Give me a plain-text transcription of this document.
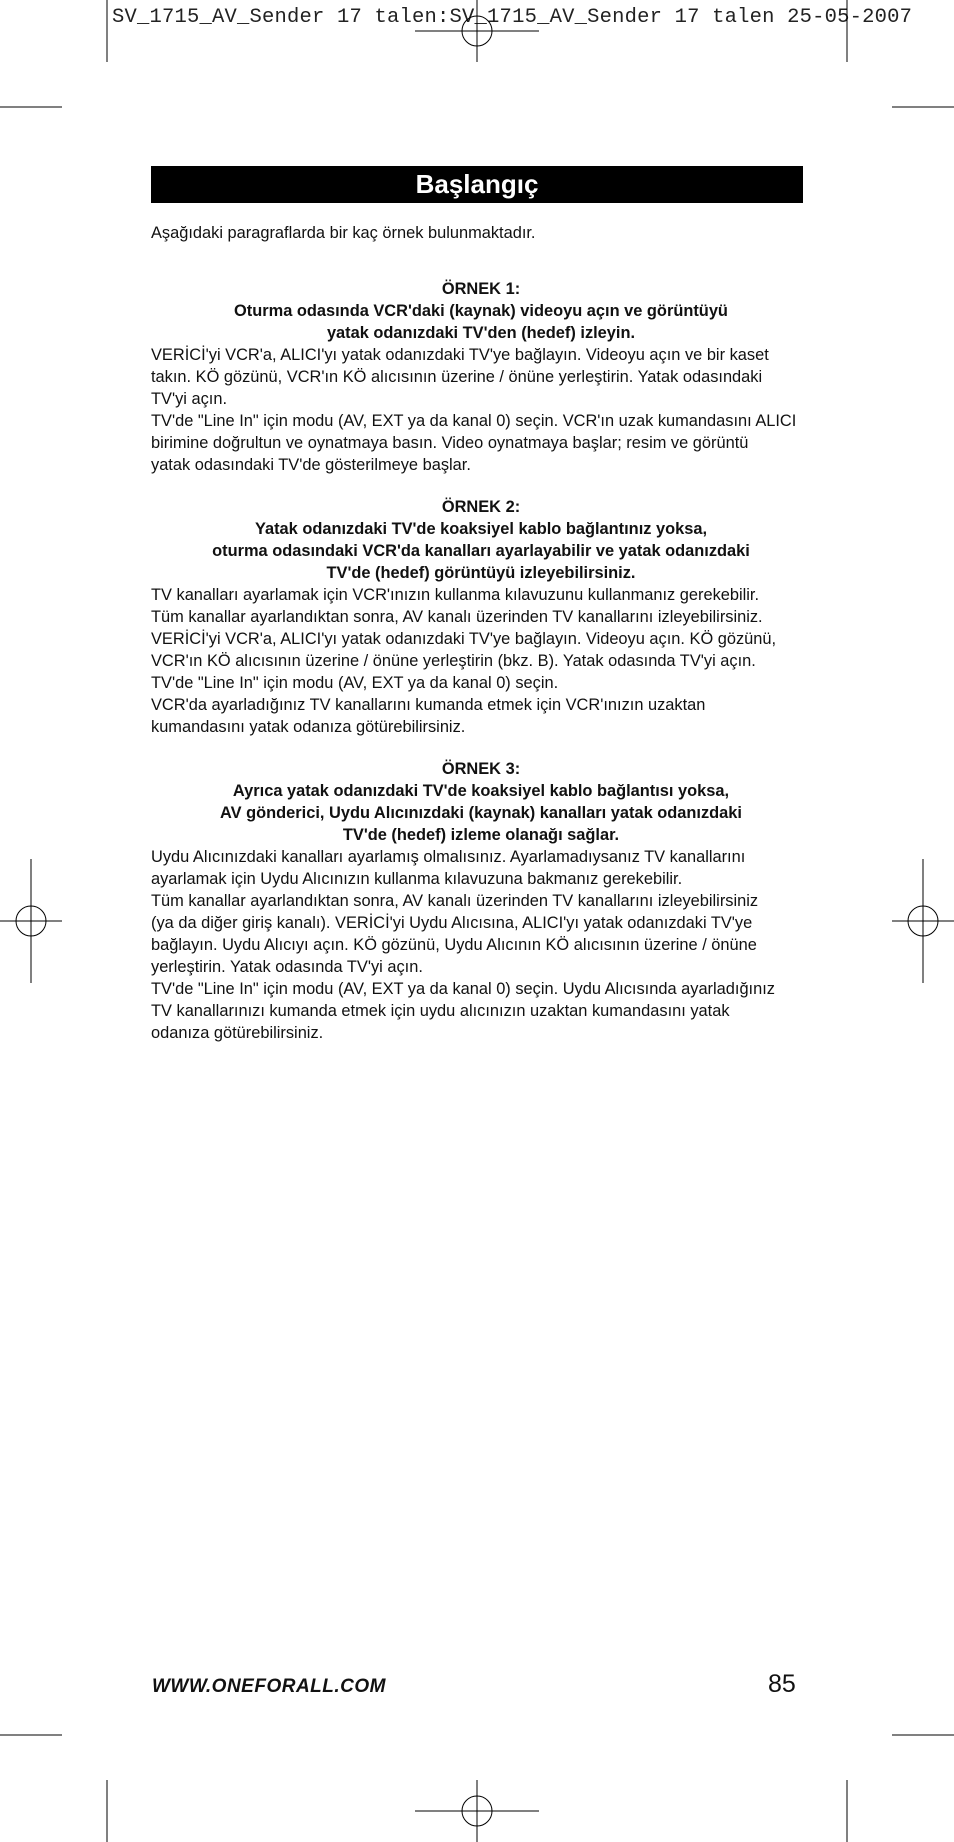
SV_1715_AV_Sender 17 talen:SV_1715_AV_Sender 17 talen 25-05-2007
Başlangıç

Aşağıdaki paragraflarda bir kaç örnek bulunmaktadır.

ÖRNEK 1:

Oturma odasında VCR'daki (kaynak) videoyu açın ve görüntüyü

yatak odanızdaki TV'den (hedef) izleyin.

VERİCİ'yi VCR'a, ALICI'yı yatak odanızdaki TV'ye bağlayın. Videoyu açın ve bir kaset

takın. KÖ gözünü, VCR'ın KÖ alıcısının üzerine / önüne yerleştirin. Yatak odasındaki

TV'yi açın.

TV'de "Line In" için modu (AV, EXT ya da kanal 0) seçin. VCR'ın uzak kumandasını ALICI

birimine doğrultun ve oynatmaya basın. Video oynatmaya başlar; resim ve görüntü

yatak odasındaki TV'de gösterilmeye başlar.

ÖRNEK 2:

Yatak odanızdaki TV'de koaksiyel kablo bağlantınız yoksa,

oturma odasındaki VCR'da kanalları ayarlayabilir ve yatak odanızdaki

TV'de (hedef) görüntüyü izleyebilirsiniz.

TV kanalları ayarlamak için VCR'ınızın kullanma kılavuzunu kullanmanız gerekebilir.

Tüm kanallar ayarlandıktan sonra, AV kanalı üzerinden TV kanallarını izleyebilirsiniz.

VERİCİ'yi VCR'a, ALICI'yı yatak odanızdaki TV'ye bağlayın. Videoyu açın. KÖ gözünü,

VCR'ın KÖ alıcısının üzerine / önüne yerleştirin (bkz. B). Yatak odasında TV'yi açın.

TV'de "Line In" için modu (AV, EXT ya da kanal 0) seçin.

VCR'da ayarladığınız TV kanallarını kumanda etmek için VCR'ınızın uzaktan

kumandasını yatak odanıza götürebilirsiniz.

ÖRNEK 3:

Ayrıca yatak odanızdaki TV'de koaksiyel kablo bağlantısı yoksa,

AV gönderici, Uydu Alıcınızdaki (kaynak) kanalları yatak odanızdaki

TV'de (hedef) izleme olanağı sağlar.

Uydu Alıcınızdaki kanalları ayarlamış olmalısınız. Ayarlamadıysanız TV kanallarını

ayarlamak için Uydu Alıcınızın kullanma kılavuzuna bakmanız gerekebilir.

Tüm kanallar ayarlandıktan sonra, AV kanalı üzerinden TV kanallarını izleyebilirsiniz

(ya da diğer giriş kanalı). VERİCİ'yi Uydu Alıcısına, ALICI'yı yatak odanızdaki TV'ye

bağlayın. Uydu Alıcıyı açın. KÖ gözünü, Uydu Alıcının KÖ alıcısının üzerine / önüne

yerleştirin. Yatak odasında TV'yi açın.

TV'de "Line In" için modu (AV, EXT ya da kanal 0) seçin. Uydu Alıcısında ayarladığınız

TV kanallarınızı kumanda etmek için uydu alıcınızın uzaktan kumandasını yatak

odanıza götürebilirsiniz.

WWW.ONEFORALL.COM	85
